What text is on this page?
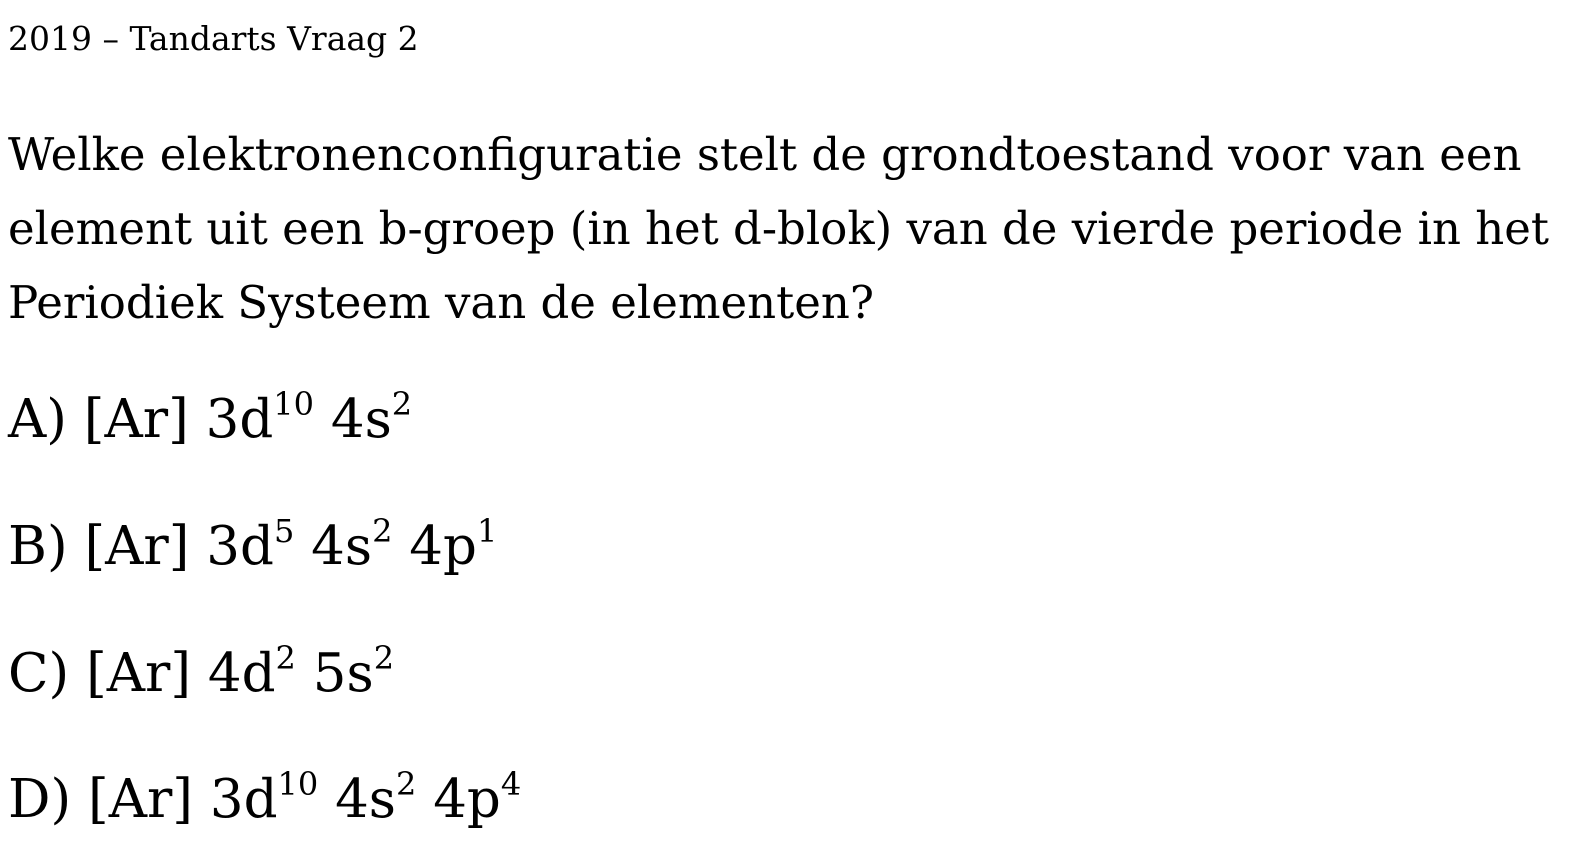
2019 – Tandarts Vraag 2
Welke elektronenconfiguratie stelt de grondtoestand voor van een
element uit een b-groep (in het d-blok) van de vierde periode in het
Periodiek Systeem van de elementen?
A) [Ar] $3d^{10}$ $4s^2$
B) [Ar] $3d^5$ $4s^2$ $4p^1$
C) [Ar] $4d^2$ $5s^2$
D) [Ar] $3d^{10}$ $4s^2$ $4p^4$
